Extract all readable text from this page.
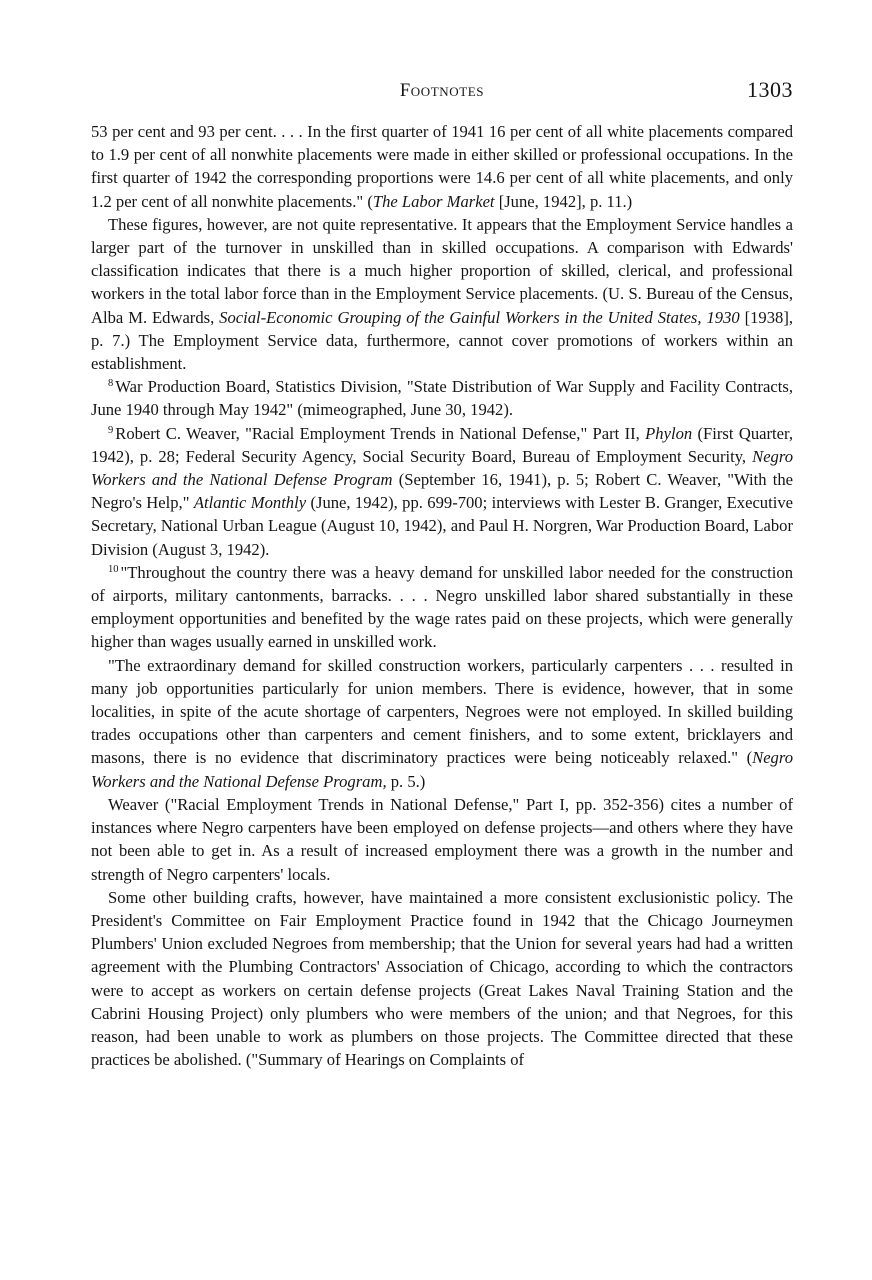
Footnotes	1303

53 per cent and 93 per cent. . . . In the first quarter of 1941 16 per cent of all white placements compared to 1.9 per cent of all nonwhite placements were made in either skilled or professional occupations. In the first quarter of 1942 the corresponding proportions were 14.6 per cent of all white placements, and only 1.2 per cent of all nonwhite placements." (The Labor Market [June, 1942], p. 11.)

These figures, however, are not quite representative. It appears that the Employment Service handles a larger part of the turnover in unskilled than in skilled occupations. A comparison with Edwards' classification indicates that there is a much higher proportion of skilled, clerical, and professional workers in the total labor force than in the Employment Service placements. (U. S. Bureau of the Census, Alba M. Edwards, Social-Economic Grouping of the Gainful Workers in the United States, 1930 [1938], p. 7.) The Employment Service data, furthermore, cannot cover promotions of workers within an establishment.

$^8$ War Production Board, Statistics Division, "State Distribution of War Supply and Facility Contracts, June 1940 through May 1942" (mimeographed, June 30, 1942).

$^9$ Robert C. Weaver, "Racial Employment Trends in National Defense," Part II, Phylon (First Quarter, 1942), p. 28; Federal Security Agency, Social Security Board, Bureau of Employment Security, Negro Workers and the National Defense Program (September 16, 1941), p. 5; Robert C. Weaver, "With the Negro's Help," Atlantic Monthly (June, 1942), pp. 699-700; interviews with Lester B. Granger, Executive Secretary, National Urban League (August 10, 1942), and Paul H. Norgren, War Production Board, Labor Division (August 3, 1942).

$^{10}$ "Throughout the country there was a heavy demand for unskilled labor needed for the construction of airports, military cantonments, barracks. . . . Negro unskilled labor shared substantially in these employment opportunities and benefited by the wage rates paid on these projects, which were generally higher than wages usually earned in unskilled work.

"The extraordinary demand for skilled construction workers, particularly carpenters . . . resulted in many job opportunities particularly for union members. There is evidence, however, that in some localities, in spite of the acute shortage of carpenters, Negroes were not employed. In skilled building trades occupations other than carpenters and cement finishers, and to some extent, bricklayers and masons, there is no evidence that discriminatory practices were being noticeably relaxed." (Negro Workers and the National Defense Program, p. 5.)

Weaver ("Racial Employment Trends in National Defense," Part I, pp. 352-356) cites a number of instances where Negro carpenters have been employed on defense projects—and others where they have not been able to get in. As a result of increased employment there was a growth in the number and strength of Negro carpenters' locals.

Some other building crafts, however, have maintained a more consistent exclusionistic policy. The President's Committee on Fair Employment Practice found in 1942 that the Chicago Journeymen Plumbers' Union excluded Negroes from membership; that the Union for several years had had a written agreement with the Plumbing Contractors' Association of Chicago, according to which the contractors were to accept as workers on certain defense projects (Great Lakes Naval Training Station and the Cabrini Housing Project) only plumbers who were members of the union; and that Negroes, for this reason, had been unable to work as plumbers on those projects. The Committee directed that these practices be abolished. ("Summary of Hearings on Complaints of
